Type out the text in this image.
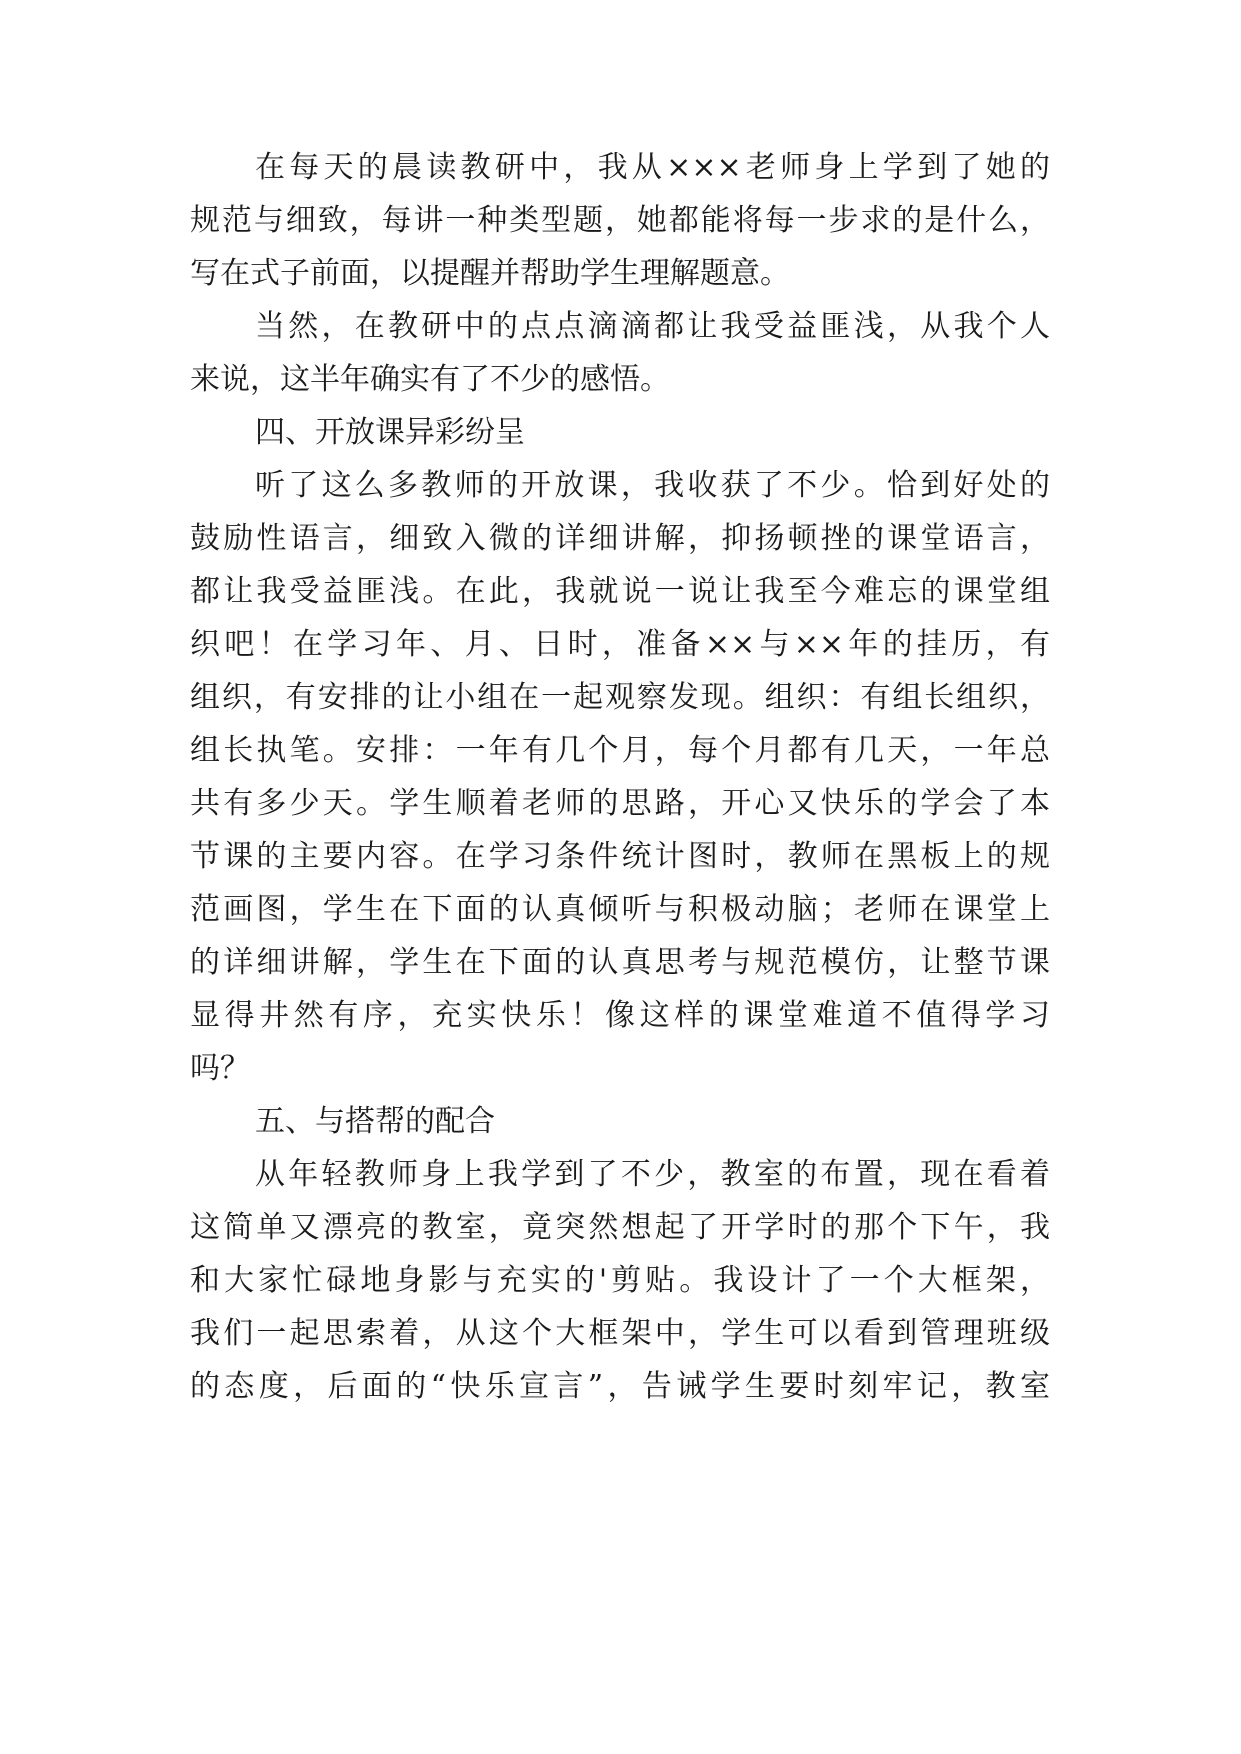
在每天的晨读教研中，我从×××老师身上学到了她的
规范与细致，每讲一种类型题，她都能将每一步求的是什么，
写在式子前面，以提醒并帮助学生理解题意。
当然，在教研中的点点滴滴都让我受益匪浅，从我个人
来说，这半年确实有了不少的感悟。
四、开放课异彩纷呈
听了这么多教师的开放课，我收获了不少。恰到好处的
鼓励性语言，细致入微的详细讲解，抑扬顿挫的课堂语言，
都让我受益匪浅。在此，我就说一说让我至今难忘的课堂组
织吧！在学习年、月、日时，准备××与××年的挂历，有
组织，有安排的让小组在一起观察发现。组织：有组长组织，
组长执笔。安排：一年有几个月，每个月都有几天，一年总
共有多少天。学生顺着老师的思路，开心又快乐的学会了本
节课的主要内容。在学习条件统计图时，教师在黑板上的规
范画图，学生在下面的认真倾听与积极动脑；老师在课堂上
的详细讲解，学生在下面的认真思考与规范模仿，让整节课
显得井然有序，充实快乐！像这样的课堂难道不值得学习
吗？
五、与搭帮的配合
从年轻教师身上我学到了不少，教室的布置，现在看着
这简单又漂亮的教室，竟突然想起了开学时的那个下午，我
和大家忙碌地身影与充实的'剪贴。我设计了一个大框架，
我们一起思索着，从这个大框架中，学生可以看到管理班级
的态度，后面的“快乐宣言”，告诫学生要时刻牢记，教室
